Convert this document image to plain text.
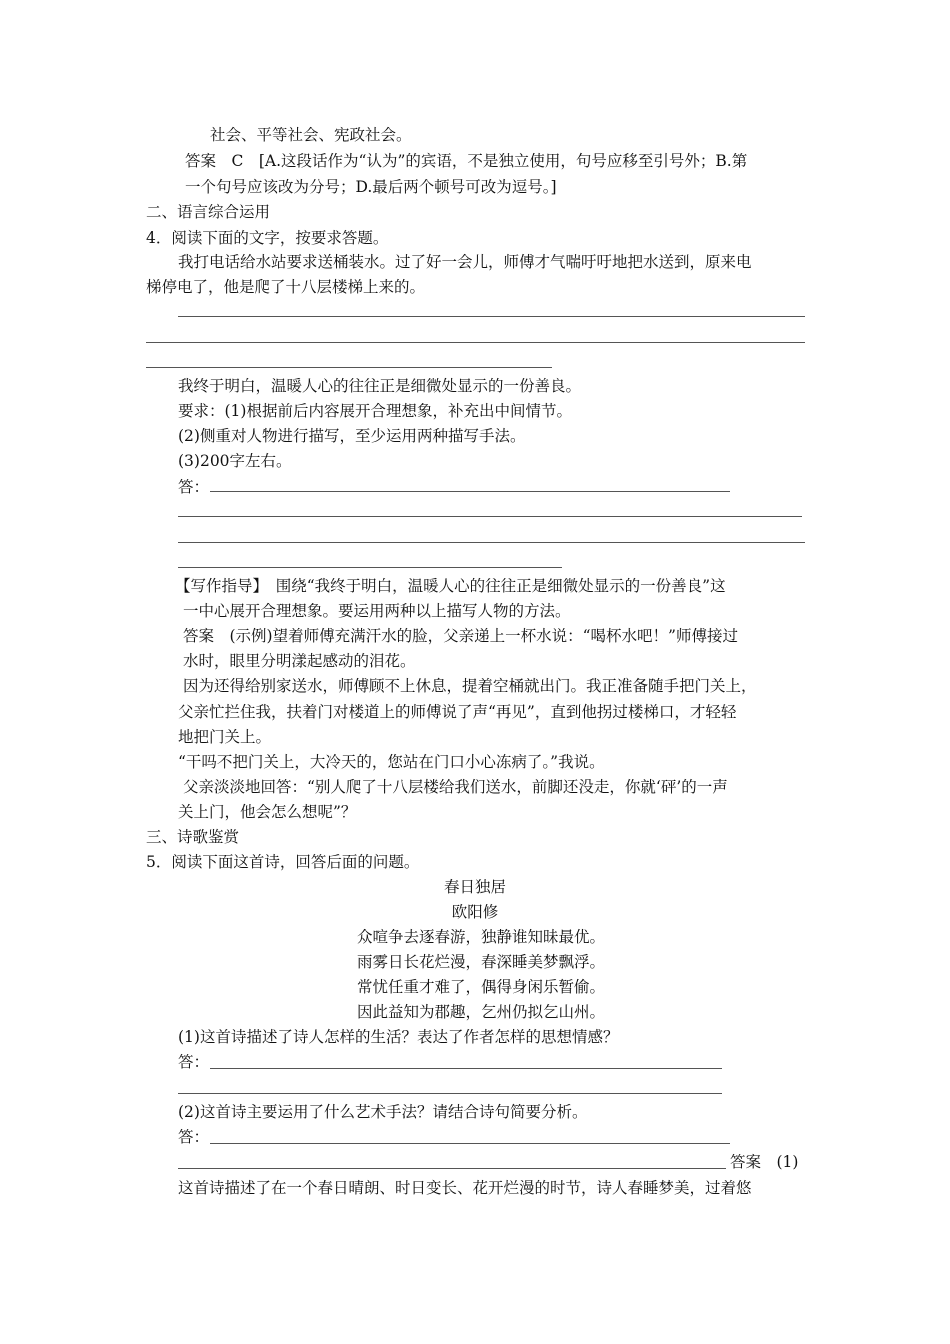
社会、平等社会、宪政社会。
答案　C　[A.这段话作为“认为”的宾语，不是独立使用，句号应移至引号外；B.第
一个句号应该改为分号；D.最后两个顿号可改为逗号。]
二、语言综合运用
4．阅读下面的文字，按要求答题。
我打电话给水站要求送桶装水。过了好一会儿，师傅才气喘吁吁地把水送到，原来电
梯停电了，他是爬了十八层楼梯上来的。
我终于明白，温暖人心的往往正是细微处显示的一份善良。
要求：(1)根据前后内容展开合理想象，补充出中间情节。
(2)侧重对人物进行描写，至少运用两种描写手法。
(3)200字左右。
答：
【写作指导】　围绕“我终于明白，温暖人心的往往正是细微处显示的一份善良”这
一中心展开合理想象。要运用两种以上描写人物的方法。
答案　(示例)望着师傅充满汗水的脸，父亲递上一杯水说：“喝杯水吧！”师傅接过
水时，眼里分明漾起感动的泪花。
因为还得给别家送水，师傅顾不上休息，提着空桶就出门。我正准备随手把门关上，
父亲忙拦住我，扶着门对楼道上的师傅说了声“再见”，直到他拐过楼梯口，才轻轻
地把门关上。
“干吗不把门关上，大冷天的，您站在门口小心冻病了。”我说。
父亲淡淡地回答：“别人爬了十八层楼给我们送水，前脚还没走，你就‘砰’的一声
关上门，他会怎么想呢”？
三、诗歌鉴赏
5．阅读下面这首诗，回答后面的问题。
春日独居
欧阳修
众喧争去逐春游，独静谁知昧最优。
雨雾日长花烂漫，春深睡美梦飘浮。
常忧任重才难了，偶得身闲乐暂偷。
因此益知为郡趣，乞州仍拟乞山州。
(1)这首诗描述了诗人怎样的生活？表达了作者怎样的思想情感？
答：
(2)这首诗主要运用了什么艺术手法？请结合诗句简要分析。
答：
答案　(1)
这首诗描述了在一个春日晴朗、时日变长、花开烂漫的时节，诗人春睡梦美，过着悠
